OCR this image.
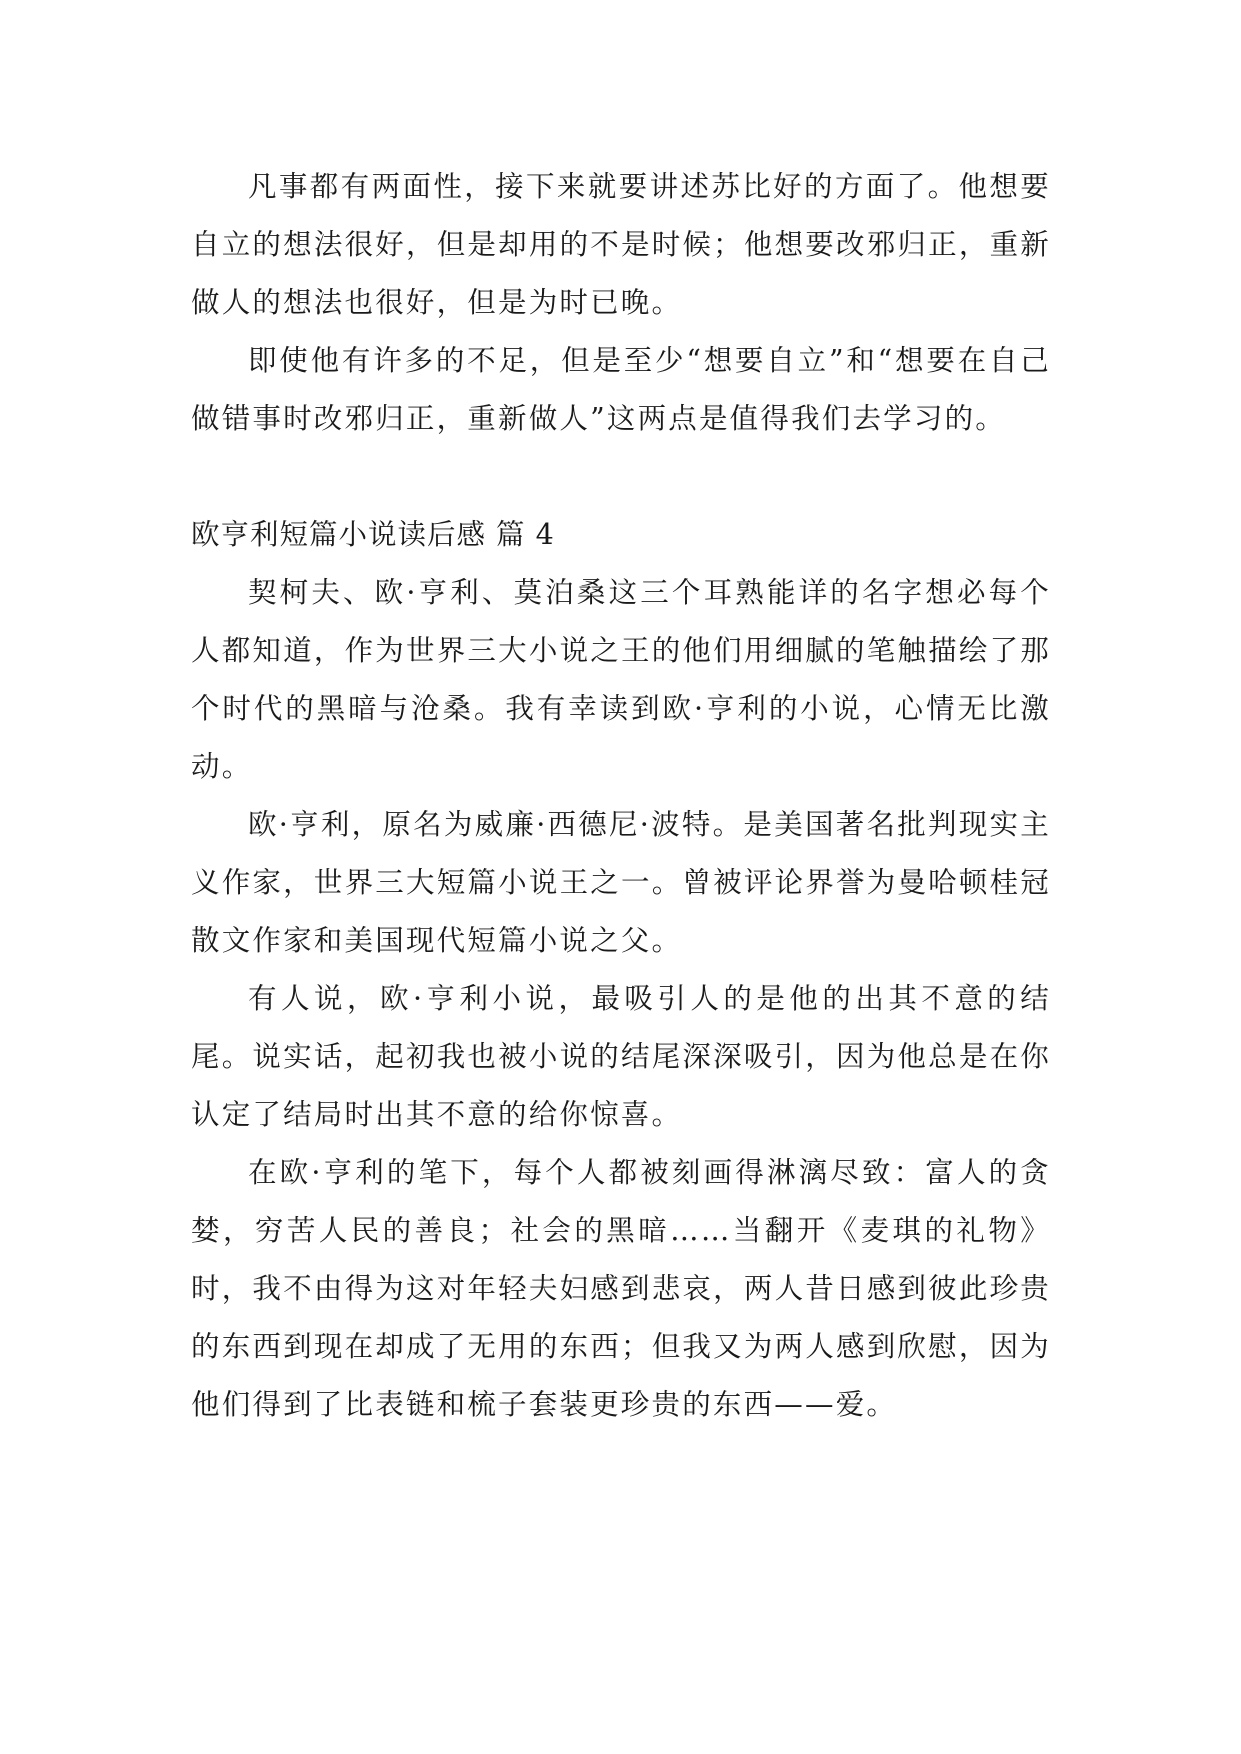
凡事都有两面性，接下来就要讲述苏比好的方面了。他想要自立的想法很好，但是却用的不是时候；他想要改邪归正，重新做人的想法也很好，但是为时已晚。

即使他有许多的不足，但是至少“想要自立”和“想要在自己做错事时改邪归正，重新做人”这两点是值得我们去学习的。

欧亨利短篇小说读后感 篇 4

契柯夫、欧·亨利、莫泊桑这三个耳熟能详的名字想必每个人都知道，作为世界三大小说之王的他们用细腻的笔触描绘了那个时代的黑暗与沧桑。我有幸读到欧·亨利的小说，心情无比激动。

欧·亨利，原名为威廉·西德尼·波特。是美国著名批判现实主义作家，世界三大短篇小说王之一。曾被评论界誉为曼哈顿桂冠散文作家和美国现代短篇小说之父。

有人说，欧·亨利小说，最吸引人的是他的出其不意的结尾。说实话，起初我也被小说的结尾深深吸引，因为他总是在你认定了结局时出其不意的给你惊喜。

在欧·亨利的笔下，每个人都被刻画得淋漓尽致：富人的贪婪，穷苦人民的善良；社会的黑暗……当翻开《麦琪的礼物》时，我不由得为这对年轻夫妇感到悲哀，两人昔日感到彼此珍贵的东西到现在却成了无用的东西；但我又为两人感到欣慰，因为他们得到了比表链和梳子套装更珍贵的东西——爱。
